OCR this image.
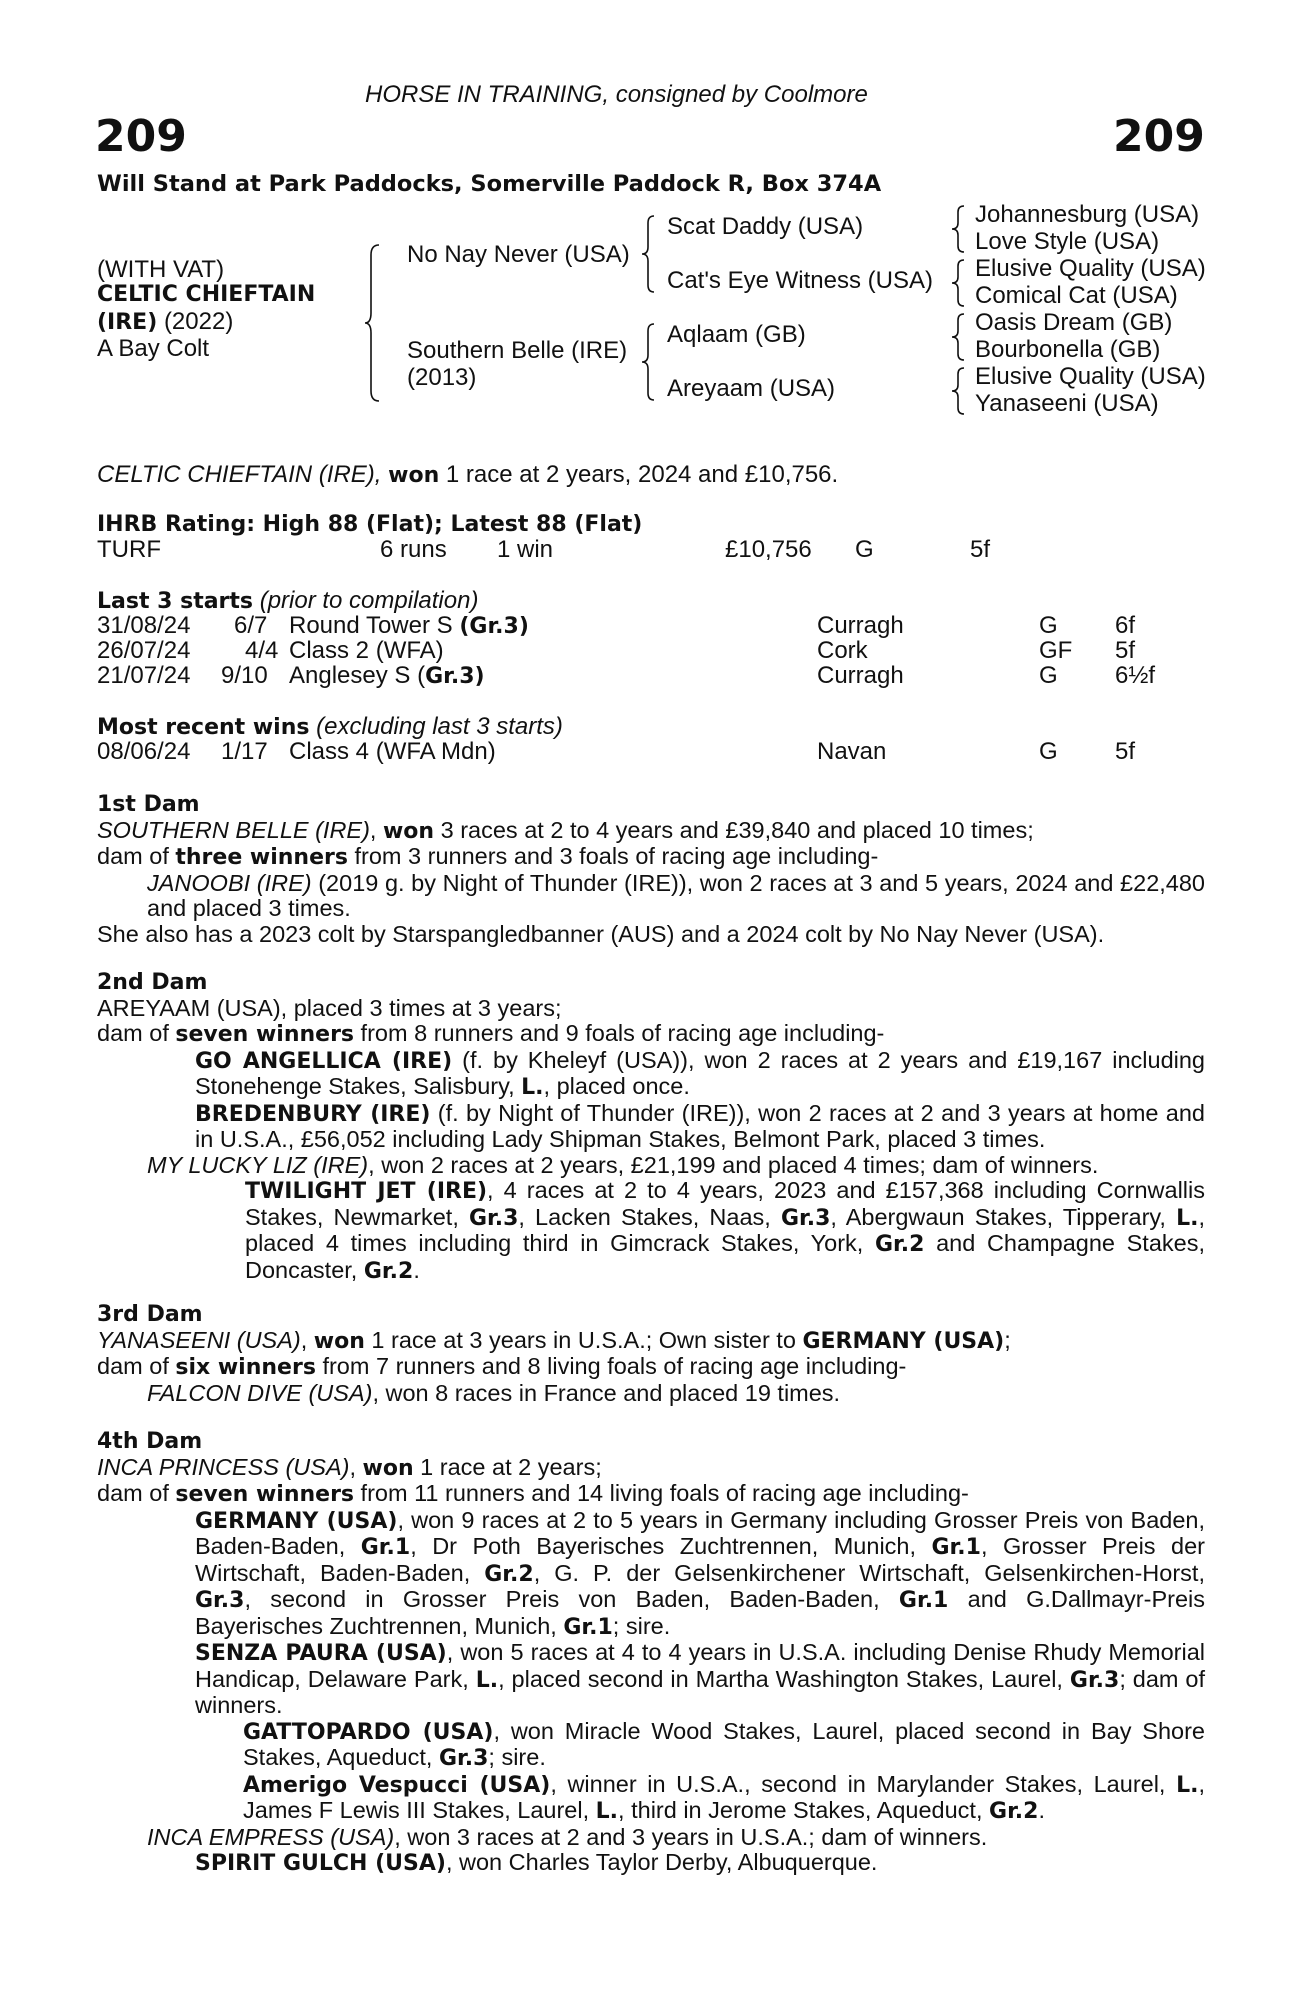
HORSE IN TRAINING, consigned by Coolmore
209	209
Will Stand at Park Paddocks, Somerville Paddock R, Box 374A
(WITH VAT)
CELTIC CHIEFTAIN
(IRE) (2022)
A Bay Colt
No Nay Never (USA)
Southern Belle (IRE)
(2013)
Scat Daddy (USA)
Cat's Eye Witness (USA)
Aqlaam (GB)
Areyaam (USA)
Johannesburg (USA)
Love Style (USA)
Elusive Quality (USA)
Comical Cat (USA)
Oasis Dream (GB)
Bourbonella (GB)
Elusive Quality (USA)
Yanaseeni (USA)
CELTIC CHIEFTAIN (IRE), won 1 race at 2 years, 2024 and £10,756.
IHRB Rating: High 88 (Flat); Latest 88 (Flat)
TURF	6 runs 1 win	£10,756 G	5f
Last 3 starts (prior to compilation)
31/08/24 6/7 Round Tower S (Gr.3)	Curragh	G 6f
26/07/24 4/4 Class 2 (WFA)	Cork	GF 5f
21/07/24 9/10 Anglesey S (Gr.3)	Curragh	G 6½f
Most recent wins (excluding last 3 starts)
08/06/24 1/17 Class 4 (WFA Mdn)	Navan	G 5f

1st Dam

SOUTHERN BELLE (IRE), won 3 races at 2 to 4 years and £39,840 and placed 10 times;

dam of three winners from 3 runners and 3 foals of racing age including-

JANOOBI (IRE) (2019 g. by Night of Thunder (IRE)), won 2 races at 3 and 5 years, 2024 and £22,480 and placed 3 times.

She also has a 2023 colt by Starspangledbanner (AUS) and a 2024 colt by No Nay Never (USA).

2nd Dam

AREYAAM (USA), placed 3 times at 3 years;

dam of seven winners from 8 runners and 9 foals of racing age including-

GO ANGELLICA (IRE) (f. by Kheleyf (USA)), won 2 races at 2 years and £19,167 including Stonehenge Stakes, Salisbury, L., placed once.

BREDENBURY (IRE) (f. by Night of Thunder (IRE)), won 2 races at 2 and 3 years at home and in U.S.A., £56,052 including Lady Shipman Stakes, Belmont Park, placed 3 times.

MY LUCKY LIZ (IRE), won 2 races at 2 years, £21,199 and placed 4 times; dam of winners.

TWILIGHT JET (IRE), 4 races at 2 to 4 years, 2023 and £157,368 including Cornwallis Stakes, Newmarket, Gr.3, Lacken Stakes, Naas, Gr.3, Abergwaun Stakes, Tipperary, L., placed 4 times including third in Gimcrack Stakes, York, Gr.2 and Champagne Stakes, Doncaster, Gr.2.

3rd Dam

YANASEENI (USA), won 1 race at 3 years in U.S.A.; Own sister to GERMANY (USA);

dam of six winners from 7 runners and 8 living foals of racing age including-

FALCON DIVE (USA), won 8 races in France and placed 19 times.

4th Dam

INCA PRINCESS (USA), won 1 race at 2 years;

dam of seven winners from 11 runners and 14 living foals of racing age including-

GERMANY (USA), won 9 races at 2 to 5 years in Germany including Grosser Preis von Baden, Baden-Baden, Gr.1, Dr Poth Bayerisches Zuchtrennen, Munich, Gr.1, Grosser Preis der Wirtschaft, Baden-Baden, Gr.2, G. P. der Gelsenkirchener Wirtschaft, Gelsenkirchen-Horst, Gr.3, second in Grosser Preis von Baden, Baden-Baden, Gr.1 and G.Dallmayr-Preis Bayerisches Zuchtrennen, Munich, Gr.1; sire.

SENZA PAURA (USA), won 5 races at 4 to 4 years in U.S.A. including Denise Rhudy Memorial Handicap, Delaware Park, L., placed second in Martha Washington Stakes, Laurel, Gr.3; dam of winners.

GATTOPARDO (USA), won Miracle Wood Stakes, Laurel, placed second in Bay Shore Stakes, Aqueduct, Gr.3; sire.

Amerigo Vespucci (USA), winner in U.S.A., second in Marylander Stakes, Laurel, L., James F Lewis III Stakes, Laurel, L., third in Jerome Stakes, Aqueduct, Gr.2.

INCA EMPRESS (USA), won 3 races at 2 and 3 years in U.S.A.; dam of winners.

SPIRIT GULCH (USA), won Charles Taylor Derby, Albuquerque.
